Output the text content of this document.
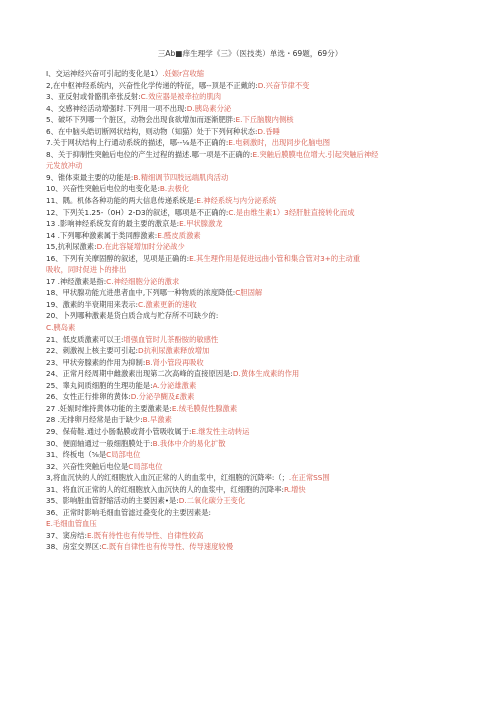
三Ab■痒生理学《三》（医技类）单选・69题，69分）
I、交运神经兴奋可引起的变化是1）.妊娠r宫收缩
2,在中枢神羟系统内，兴奋性化学传递的特征，哪--顶是不正戴的:D.兴奋节律不变
3、亚反射或骨骼肌牵张反射:C.效应器是被牵拉的肌肉
4、交感神经活动增强时.下列用一项不出现:D.胰岛素分泌
5、破坏下列哪一个脏区，动物会出现食欲增加而逐渐肥胖:E.下丘脑腹内侧核
6、在中脑头皓切断网状结构，则动物（知猫）处于下列何种状态:D.昏睡
7.关于网状结构上行通动系统的描述，哪--⅛是不正确的:E.电刺激时，出现同步化脑电图
8、关于抑制性突触后电位的产生过程的描述.哪一项是不正确的:E.突触后膜膜电位增大.引起突触后神经
元发放冲动
9、锥体束最主要的功能是:B.精细调节四肢远端肌肉活动
10、兴奋性突触后电位的电变化是:B.去极化
11、隅。机体各种功能的两大信息传递系统是:E.神经系统与内分泌系统
12、下列关1.25-（0H）2-D3的叙述，哪项是不正确的:C.是由维生素1）3经肝脏直接转化而成
13 .影响神经系统发育的最主要的激京是:E.甲状腺激龙
14 .下列哪种激素属于类同醇激素:E.醛皮质激素
15,抗利尿激素:D.在此容疑增加时分泌战少
16、下列有关摩固醇的叙述，见项是正确的:E.其生理作用是促进远曲小管和集合管对3+的主动重
吸收，同时促进卜的排出
17 .神经激素是指:C.神经细胞分泌的激求
18、甲状腺功能亢进患者血中,下列哪一种物质的浓度降低:C胆固解
19、激素的半衰期用来表示:C.激素更新的速收
20、卜列哪种激素是货白质合成与贮存所不可缺少的:
C.胰岛素
21、低皮质激素可以王:增强血管时儿茶酚胺的敏感性
22、刺激视上核主要可引起:D抗利尿激素释放增加
23、甲状旁腺素的作用为抑制:B.肾小管段再吸收
24、正常月经周期中雌激素出现第二次高峰的直接原因是:D.黄体生成素的作用
25、睾丸间质细胞的生理功能是:A.分泌雄激素
26、女性正行排卵的黄体:D.分泌孕醐及£激素
27 .妊娠时维持黄体功能的主要激素是:E.绒毛膜促性腺激素
28 .无排卵月经常是由于缺少:B.早激素
29、保荀鞋.通过小肠黏膜或肾小管吸收属于:E.继发性主动转运
30、便面轴通过一般细胞膜处于:B.我体中介的易化扩散
31、终板电（⅝是C局部电位
32、兴奋性突触后电位是C局部电位
3,将血沉快的人的红细胞放入血沉正常的人的血浆中，红细胞的沉降率:（；.在正常SS围
31、将血沉正常的人的红细胞放入血沉快的人的血浆中，红细胞的沉降率:R.增快
35、影响脏血管舒缩活动的主要因素•是:D.二氧化碳分王变化
36、正常时影响毛细血管滤过叠变化的主要因素是:
E.毛细血管血压
37、窦房结:E.既有待性也有传导性、自律性较高
38、房室交界区:C.既有自律性也有传导性、传导速度较慢
